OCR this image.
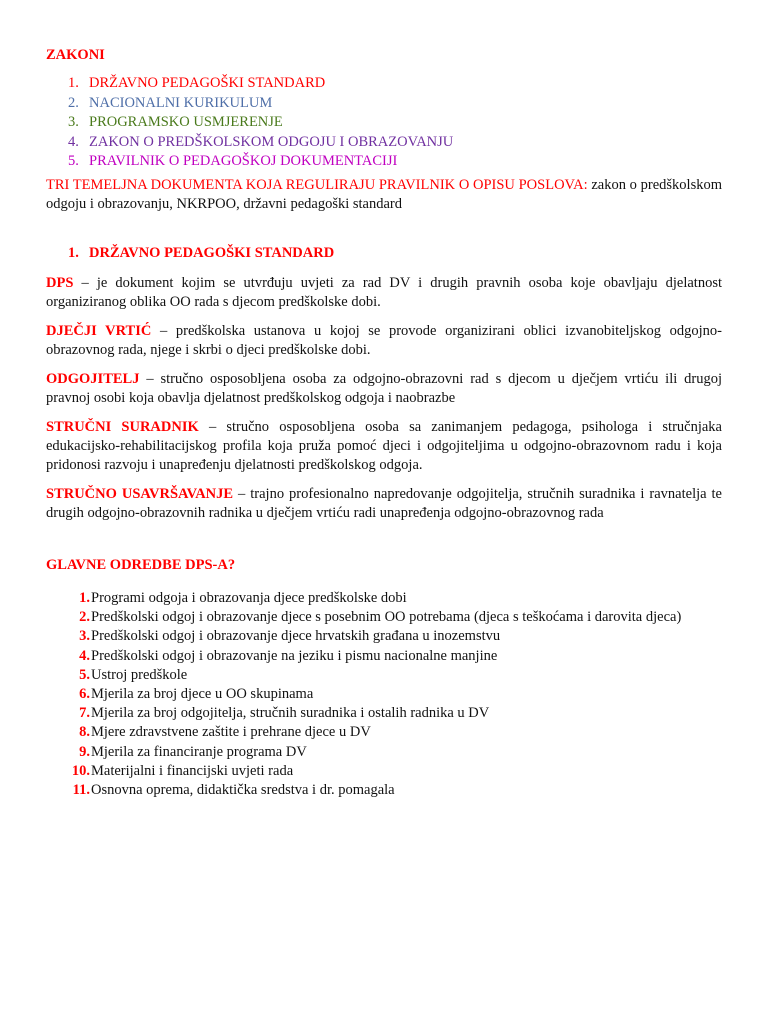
ZAKONI

1. DRŽAVNO PEDAGOŠKI STANDARD
2. NACIONALNI KURIKULUM
3. PROGRAMSKO USMJERENJE
4. ZAKON O PREDŠKOLSKOM ODGOJU I OBRAZOVANJU
5. PRAVILNIK O PEDAGOŠKOJ DOKUMENTACIJI

TRI TEMELJNA DOKUMENTA KOJA REGULIRAJU PRAVILNIK O OPISU POSLOVA: zakon o predškolskom odgoju i obrazovanju, NKRPOO, državni pedagoški standard

1. DRŽAVNO PEDAGOŠKI STANDARD

DPS – je dokument kojim se utvrđuju uvjeti za rad DV i drugih pravnih osoba koje obavljaju djelatnost organiziranog oblika OO rada s djecom predškolske dobi.

DJEČJI VRTIĆ – predškolska ustanova u kojoj se provode organizirani oblici izvanobiteljskog odgojno-obrazovnog rada, njege i skrbi o djeci predškolske dobi.

ODGOJITELJ – stručno osposobljena osoba za odgojno-obrazovni rad s djecom u dječjem vrtiću ili drugoj pravnoj osobi koja obavlja djelatnost predškolskog odgoja i naobrazbe

STRUČNI SURADNIK – stručno osposobljena osoba sa zanimanjem pedagoga, psihologa i stručnjaka edukacijsko-rehabilitacijskog profila koja pruža pomoć djeci i odgojiteljima u odgojno-obrazovnom radu i koja pridonosi razvoju i unapređenju djelatnosti predškolskog odgoja.

STRUČNO USAVRŠAVANJE – trajno profesionalno napredovanje odgojitelja, stručnih suradnika i ravnatelja te drugih odgojno-obrazovnih radnika u dječjem vrtiću radi unapređenja odgojno-obrazovnog rada

GLAVNE ODREDBE DPS-A?

1. Programi odgoja i obrazovanja djece predškolske dobi
2. Predškolski odgoj i obrazovanje djece s posebnim OO potrebama (djeca s teškoćama i darovita djeca)
3. Predškolski odgoj i obrazovanje djece hrvatskih građana u inozemstvu
4. Predškolski odgoj i obrazovanje na jeziku i pismu nacionalne manjine
5. Ustroj predškole
6. Mjerila za broj djece u OO skupinama
7. Mjerila za broj odgojitelja, stručnih suradnika i ostalih radnika u DV
8. Mjere zdravstvene zaštite i prehrane djece u DV
9. Mjerila za financiranje programa DV
10. Materijalni i financijski uvjeti rada
11. Osnovna oprema, didaktička sredstva i dr. pomagala
